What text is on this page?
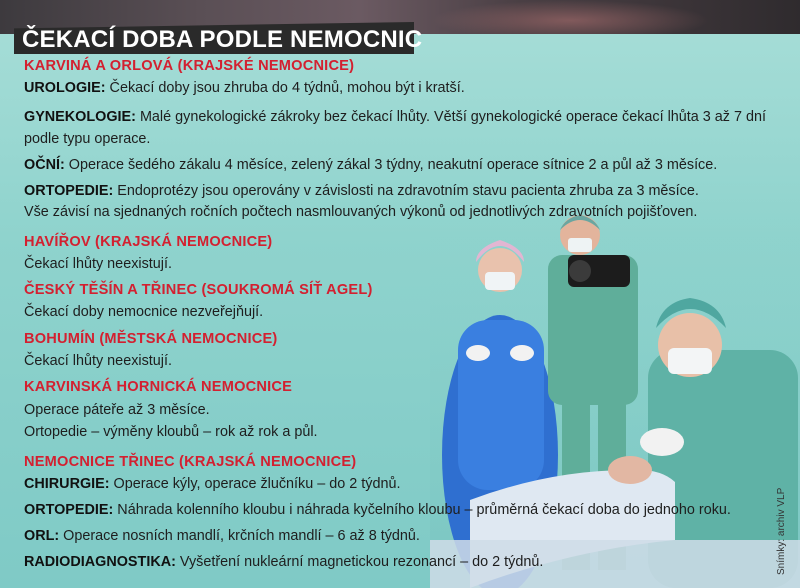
ČEKACÍ DOBA PODLE NEMOCNIC
Snímky: archiv VLP
KARVINÁ A ORLOVÁ (KRAJSKÉ NEMOCNICE)
UROLOGIE: Čekací doby jsou zhruba do 4 týdnů, mohou být i kratší.
GYNEKOLOGIE: Malé gynekologické zákroky bez čekací lhůty. Větší gynekologické operace čekací lhůta 3 až 7 dní
podle typu operace.
OČNÍ: Operace šedého zákalu 4 měsíce, zelený zákal 3 týdny, neakutní operace sítnice 2 a půl až 3 měsíce.
ORTOPEDIE: Endoprotézy jsou operovány v závislosti na zdravotním stavu pacienta zhruba za 3 měsíce.
Vše závisí na sjednaných ročních počtech nasmlouvaných výkonů od jednotlivých zdravotních pojišťoven.
HAVÍŘOV (KRAJSKÁ NEMOCNICE)
Čekací lhůty neexistují.
ČESKÝ TĚŠÍN A TŘINEC (SOUKROMÁ SÍŤ AGEL)
Čekací doby nemocnice nezveřejňují.
BOHUMÍN (MĚSTSKÁ NEMOCNICE)
Čekací lhůty neexistují.
KARVINSKÁ HORNICKÁ NEMOCNICE
Operace páteře až 3 měsíce.
Ortopedie – výměny kloubů – rok až rok a půl.
NEMOCNICE TŘINEC (KRAJSKÁ NEMOCNICE)
CHIRURGIE: Operace kýly, operace žlučníku – do 2 týdnů.
ORTOPEDIE: Náhrada kolenního kloubu i náhrada kyčelního kloubu – průměrná čekací doba do jednoho roku.
ORL: Operace nosních mandlí, krčních mandlí – 6 až 8 týdnů.
RADIODIAGNOSTIKA: Vyšetření nukleární magnetickou rezonancí – do 2 týdnů.
